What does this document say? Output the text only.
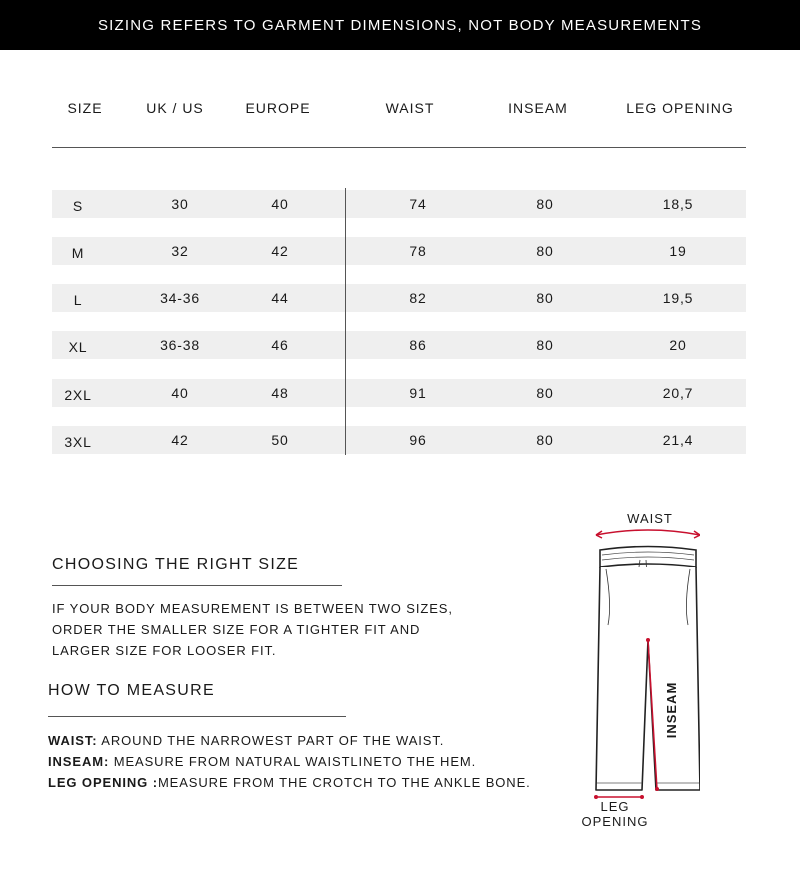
SIZING REFERS TO GARMENT DIMENSIONS, NOT BODY MEASUREMENTS
SIZE	UK / US	EUROPE	WAIST	INSEAM	LEG OPENING
S	30	40	74	80	18,5
M	32	42	78	80	19
L	34-36	44	82	80	19,5
XL	36-38	46	86	80	20
2XL	40	48	91	80	20,7
3XL	42	50	96	80	21,4
CHOOSING THE RIGHT SIZE
IF YOUR BODY MEASUREMENT IS BETWEEN TWO SIZES,
ORDER THE SMALLER SIZE FOR A TIGHTER FIT AND
LARGER SIZE FOR LOOSER FIT.
HOW TO MEASURE
WAIST: AROUND THE NARROWEST PART OF THE WAIST.
INSEAM: MEASURE FROM NATURAL WAISTLINETO THE HEM.
LEG OPENING :MEASURE FROM THE CROTCH TO THE ANKLE BONE.
WAIST
INSEAM
LEG
OPENING
